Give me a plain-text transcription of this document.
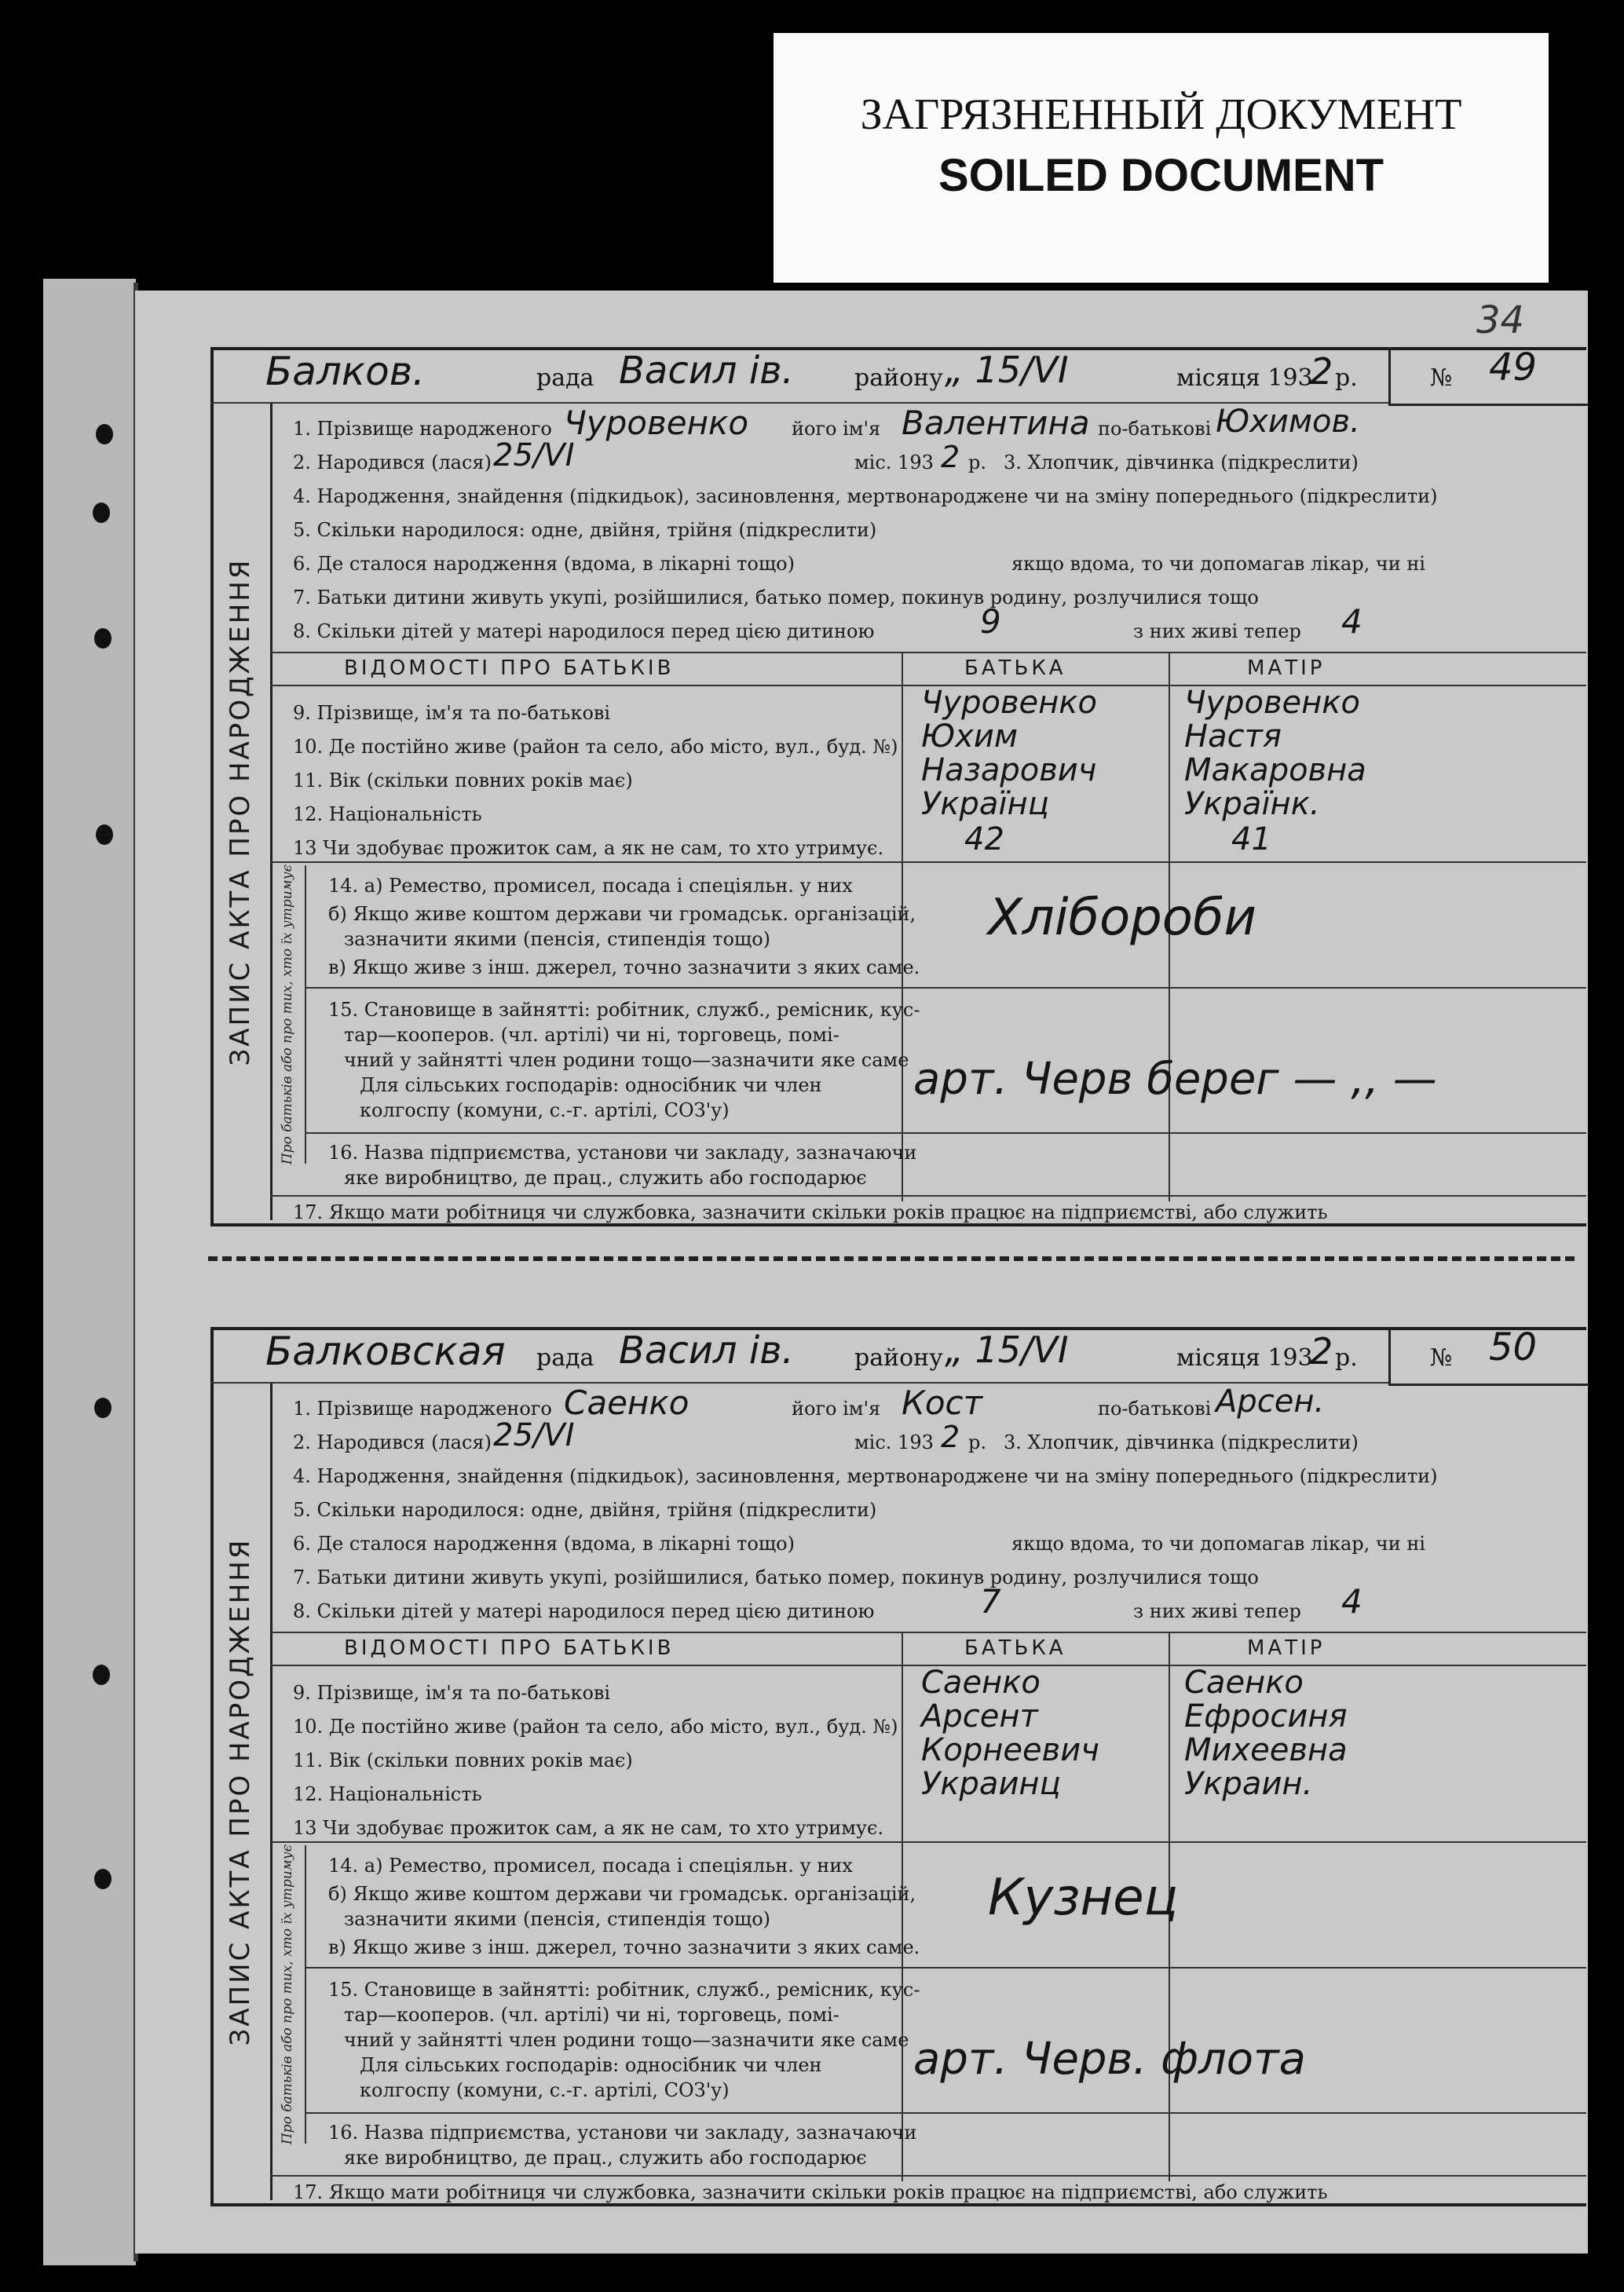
ЗАГРЯЗНЕННЫЙ ДОКУМЕНТ
SOILED DOCUMENT
34
Балков.	рада Васил ів.	району „ 15/VI	місяця 193
2 р.	№ 49
ЗАПИС АКТА ПРО НАРОДЖЕННЯ Про батьків або про тих, хто їх утримує
1. Прізвище народженого Чуровенко його ім'я Валентина по-батькові Юхимов.
2. Народився (лася) 25/VI	міс. 193 2 р. 3. Хлопчик, дівчинка (підкреслити)
4. Народження, знайдення (підкидьок), засиновлення, мертвонароджене чи на зміну попереднього (підкреслити)
5. Скільки народилося: одне, двійня, трійня (підкреслити)
6. Де сталося народження (вдома, в лікарні тощо)	якщо вдома, то чи допомагав лікар, чи ні
7. Батьки дитини живуть укупі, розійшилися, батько помер, покинув родину, розлучилися тощо
8. Скільки дітей у матері народилося перед цією дитиною	9	з них живі тепер 4
ВІДОМОСТІ ПРО БАТЬКІВ	БАТЬКА	МАТІР
9. Прізвище, ім'я та по-батькові	Чуровенко	Чуровенко
10. Де постійно живе (район та село, або місто, вул., буд. №) Юхим	Настя
11. Вік (скільки повних років має)	Назарович	Макаровна
12. Національність	Українц	Українк.
13 Чи здобуває прожиток сам, а як не сам, то хто утримує.	42	41
14. а) Ремество, промисел, посада і спеціяльн. у них
б) Якщо живе коштом держави чи громадськ. організацій,
зазначити якими (пенсія, стипендія тощо)
в) Якщо живе з інш. джерел, точно зазначити з яких саме.
Хлібороби
15. Становище в зайнятті: робітник, служб., ремісник, кус-
тар—кооперов. (чл. артілі) чи ні, торговець, помі-
чний у зайнятті член родини тощо—зазначити яке саме
Для сільських господарів: односібник чи член
колгоспу (комуни, с.-г. артілі, СОЗ'у)
арт. Черв берег — ,, —
16. Назва підприємства, установи чи закладу, зазначаючи
яке виробництво, де прац., служить або господарює
17. Якщо мати робітниця чи службовка, зазначити скільки років працює на підприємстві, або служить
Балковская рада Васил ів.	району „ 15/VI	місяця 193
2 р.	№ 50
ЗАПИС АКТА ПРО НАРОДЖЕННЯ Про батьків або про тих, хто їх утримує
1. Прізвище народженого Саенко	його ім'я Кост	по-батькові Арсен.
2. Народився (лася) 25/VI	міс. 193 2 р. 3. Хлопчик, дівчинка (підкреслити)
4. Народження, знайдення (підкидьок), засиновлення, мертвонароджене чи на зміну попереднього (підкреслити)
5. Скільки народилося: одне, двійня, трійня (підкреслити)
6. Де сталося народження (вдома, в лікарні тощо)	якщо вдома, то чи допомагав лікар, чи ні
7. Батьки дитини живуть укупі, розійшилися, батько помер, покинув родину, розлучилися тощо
8. Скільки дітей у матері народилося перед цією дитиною	7	з них живі тепер 4
ВІДОМОСТІ ПРО БАТЬКІВ	БАТЬКА	МАТІР
9. Прізвище, ім'я та по-батькові	Саенко	Саенко
10. Де постійно живе (район та село, або місто, вул., буд. №) Арсент	Ефросиня
11. Вік (скільки повних років має)	Корнеевич	Михеевна
12. Національність	Украинц	Украин.
13 Чи здобуває прожиток сам, а як не сам, то хто утримує.
14. а) Ремество, промисел, посада і спеціяльн. у них
б) Якщо живе коштом держави чи громадськ. організацій,
зазначити якими (пенсія, стипендія тощо)
в) Якщо живе з інш. джерел, точно зазначити з яких саме.
Кузнец
15. Становище в зайнятті: робітник, служб., ремісник, кус-
тар—кооперов. (чл. артілі) чи ні, торговець, помі-
чний у зайнятті член родини тощо—зазначити яке саме
Для сільських господарів: односібник чи член
колгоспу (комуни, с.-г. артілі, СОЗ'у)
арт. Черв. флота
16. Назва підприємства, установи чи закладу, зазначаючи
яке виробництво, де прац., служить або господарює
17. Якщо мати робітниця чи службовка, зазначити скільки років працює на підприємстві, або служить
